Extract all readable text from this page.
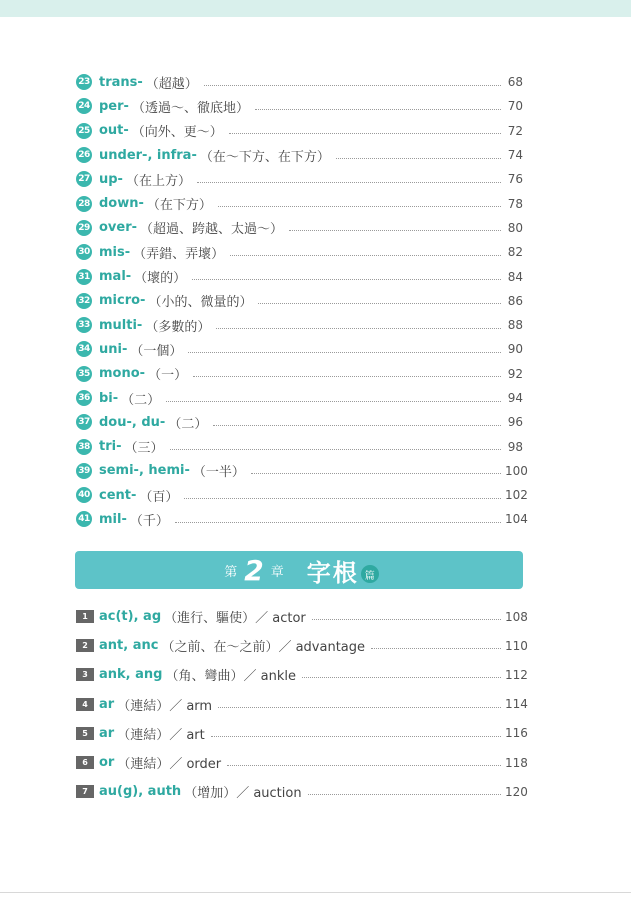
23 trans- （超越）	68
24 per- （透過～、徹底地）	70
25 out- （向外、更～）	72
26 under-, infra- （在～下方、在下方）	74
27 up- （在上方）	76
28 down- （在下方）	78
29 over- （超過、跨越、太過～）	80
30 mis- （弄錯、弄壞）	82
31 mal- （壞的）	84
32 micro- （小的、微量的）	86
33 multi- （多數的）	88
34 uni- （一個）	90
35 mono- （一）	92
36 bi- （二）	94
37 dou-, du- （二）	96
38 tri- （三）	98
39 semi-, hemi- （一半）	100
40 cent- （百）	102
41 mil- （千）	104
第 2 章 字根 篇
1 ac(t), ag （進行、驅使）／ actor	108
2 ant, anc （之前、在～之前）／ advantage	110
3 ank, ang （角、彎曲）／ ankle	112
4 ar （連結）／ arm	114
5 ar （連結）／ art	116
6 or （連結）／ order	118
7 au(g), auth （增加）／ auction	120
